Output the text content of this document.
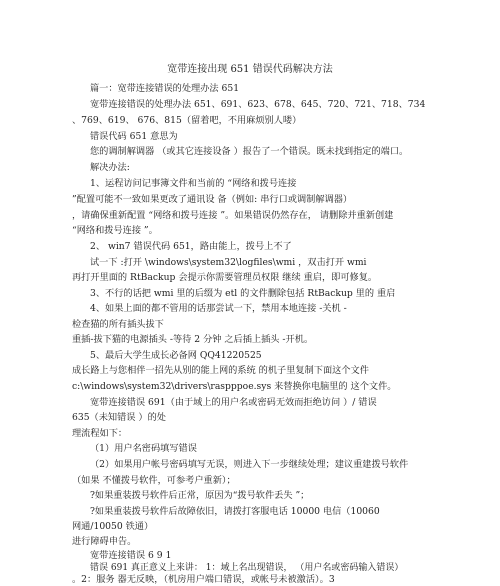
宽带连接出现 651 错误代码解决方法
篇一：宽带连接错误的处理办法 651
宽带连接错误的处理办法 651、691、623、678、645、720、721、718、734
、769、619、 676、815（留着吧，不用麻烦别人喽）
错误代码 651 意思为
您的调制解调器 （或其它连接设备 ）报告了一个错误。既未找到指定的端口。
解决办法:
1、运程访问记事簿文件和当前的 “网络和拨号连接
”配置可能不一致如果更改了通讯设 备（例如: 串行口或调制解调器）
，请确保重新配置 “网络和拨号连接 ”。如果错误仍然存在， 请删除并重新创建
“网络和拨号连接 ”。
2、 win7 错误代码 651，路由能上，拨号上不了
试一下 :打开 \windows\system32\logfiles\wmi ，双击打开 wmi
再打开里面的 RtBackup 会提示你需要管理员权限 继续 重启，即可修复。
3、不行的话把 wmi 里的后缀为 etl 的文件删除包括 RtBackup 里的 重启
4、如果上面的都不管用的话那尝试一下，禁用本地连接 -关机 -
检查猫的所有插头拔下
重插-拔下猫的电源插头 -等待 2 分钟 之后插上插头 -开机。
5、最后大学生成长必备网 QQ41220525
成长路上与您相伴一招先从别的能上网的系统 的机子里复制下面这个文件
c:\windows\system32\drivers\raspppoe.sys 来替换你电脑里的 这个文件。
宽带连接错误 691（由于域上的用户名或密码无效而拒绝访问 ）/ 错误
635（未知错误 ）的处
理流程如下：
（1）用户名密码填写错误
（2）如果用户帐号密码填写无误，则进入下一步继续处理；建议重建拨号软件
（如果 不懂拨号软件，可参考户重新）；
?如果重装拨号软件后正常，原因为“拨号软件丢失 ”；
?如果重装拨号软件后故障依旧，请拨打客服电话 10000 电信（10060
网通/10050 铁通）
进行障碍申告。
宽带连接错误 6 9 1
错误 691 真正意义上来讲： 1：域上名出现错误， （用户名或密码输入错误）
。2：服务 器无反映，（机房用户端口错误，或帐号未被激活）。3
